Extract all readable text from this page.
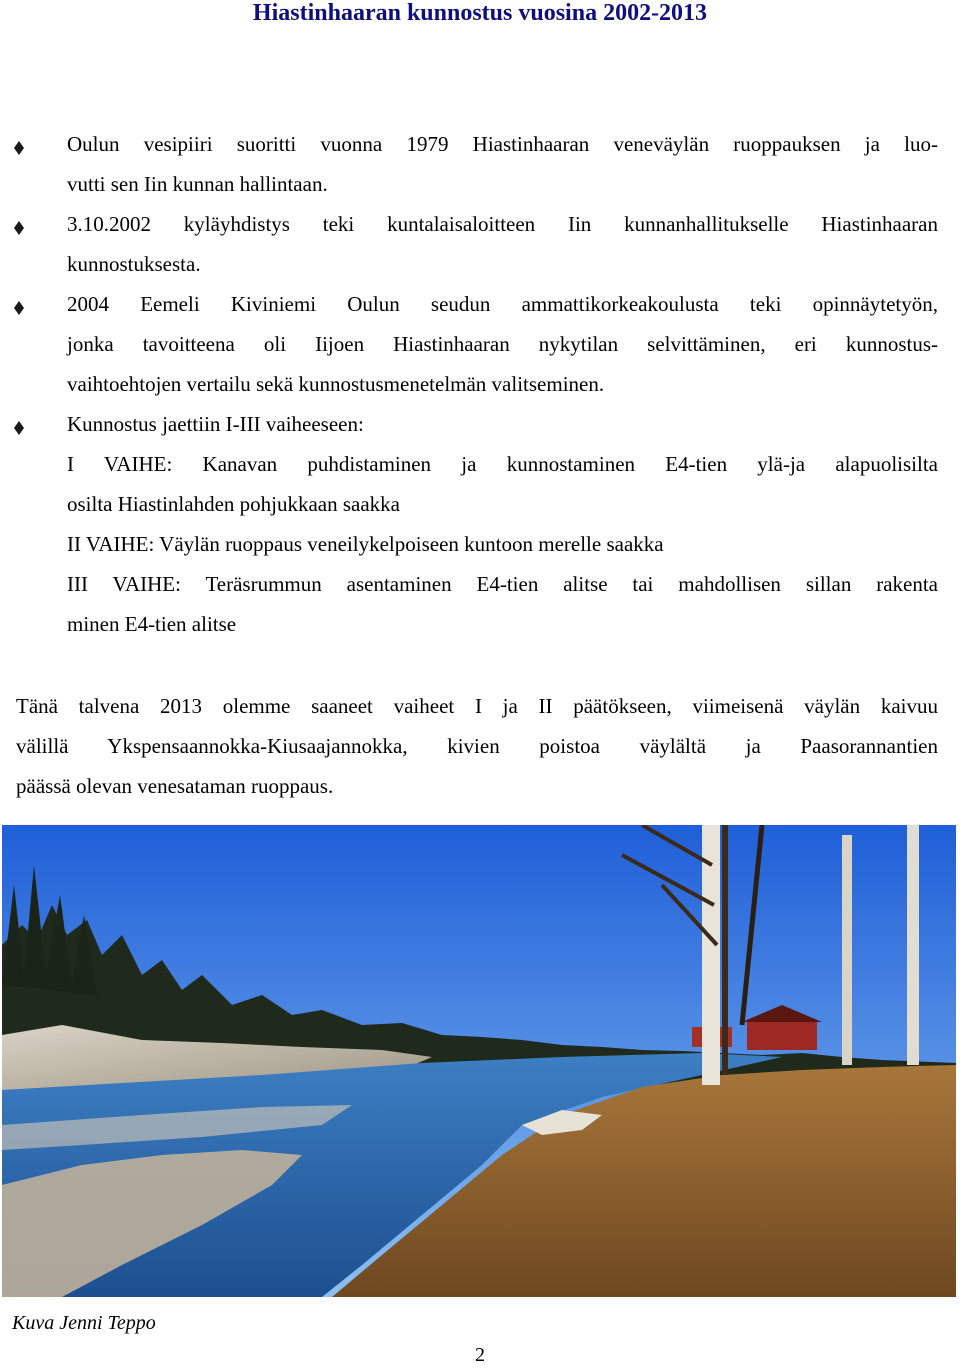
Hiastinhaaran kunnostus vuosina 2002-2013
Oulun vesipiiri suoritti vuonna 1979 Hiastinhaaran veneväylän ruoppauksen ja luo-
vutti sen Iin kunnan hallintaan.
3.10.2002 kyläyhdistys teki kuntalaisaloitteen Iin kunnanhallitukselle Hiastinhaaran
kunnostuksesta.
2004 Eemeli Kiviniemi Oulun seudun ammattikorkeakoulusta teki opinnäytetyön,
jonka tavoitteena oli Iijoen Hiastinhaaran nykytilan selvittäminen, eri kunnostus-
vaihtoehtojen vertailu sekä kunnostusmenetelmän valitseminen.
Kunnostus jaettiin I-III vaiheeseen:
I VAIHE: Kanavan puhdistaminen ja kunnostaminen E4-tien ylä-ja alapuolisilta
osilta Hiastinlahden pohjukkaan saakka
II VAIHE: Väylän ruoppaus veneilykelpoiseen kuntoon merelle saakka
III VAIHE: Teräsrummun asentaminen E4-tien alitse tai mahdollisen sillan rakenta
minen E4-tien alitse
Tänä talvena 2013 olemme saaneet vaiheet I ja II päätökseen, viimeisenä väylän kaivuu
välillä Ykspensaannokka-Kiusaajannokka, kivien poistoa väylältä ja Paasorannantien
päässä olevan venesataman ruoppaus.
Kuva Jenni Teppo
2
